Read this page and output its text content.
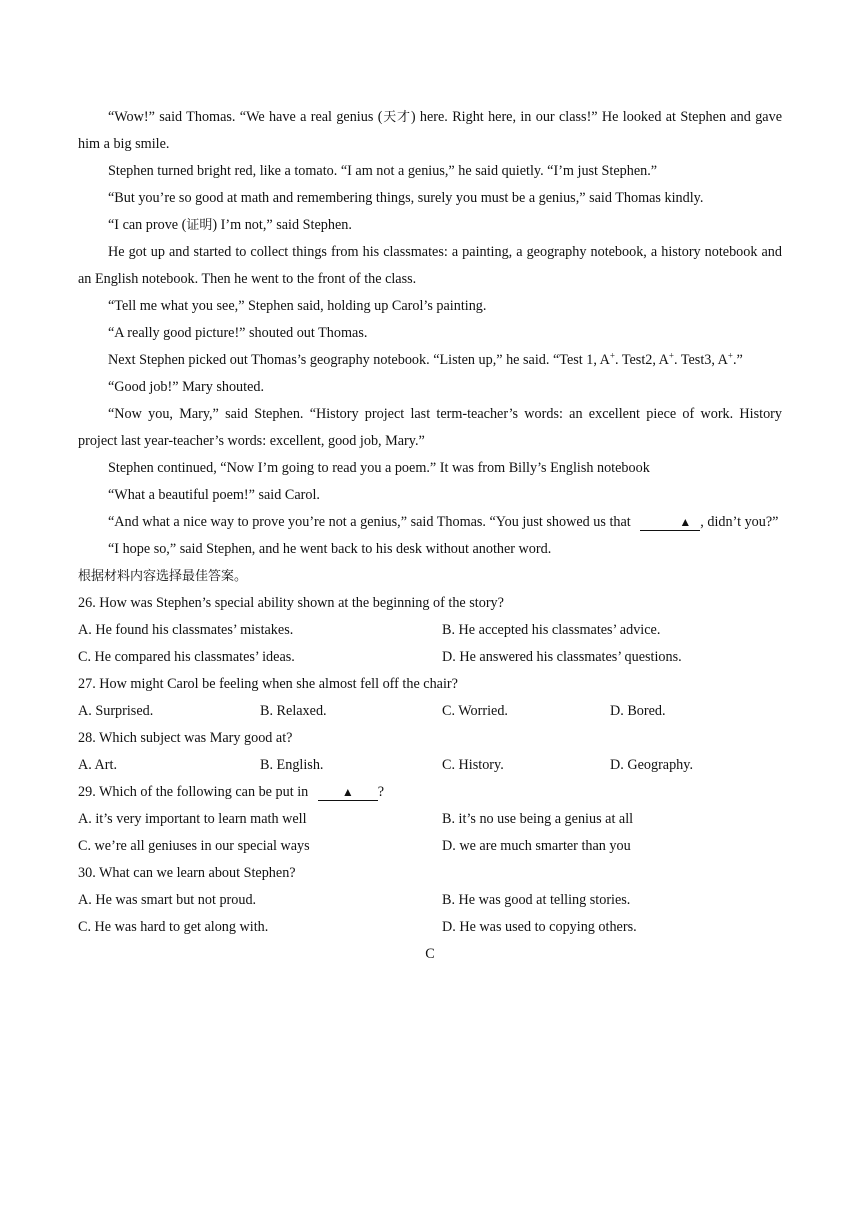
“Wow!” said Thomas. “We have a real genius (天才) here. Right here, in our class!” He looked at Stephen and gave him a big smile.

Stephen turned bright red, like a tomato. “I am not a genius,” he said quietly. “I’m just Stephen.”

“But you’re so good at math and remembering things, surely you must be a genius,” said Thomas kindly.

“I can prove (证明) I’m not,” said Stephen.

He got up and started to collect things from his classmates: a painting, a geography notebook, a history notebook and an English notebook. Then he went to the front of the class.

“Tell me what you see,” Stephen said, holding up Carol’s painting.

“A really good picture!” shouted out Thomas.

Next Stephen picked out Thomas’s geography notebook. “Listen up,” he said. “Test 1, A+. Test2, A+. Test3, A+.”

“Good job!” Mary shouted.

“Now you, Mary,” said Stephen. “History project last term-teacher’s words: an excellent piece of work. History project last year-teacher’s words: excellent, good job, Mary.”

Stephen continued, “Now I’m going to read you a poem.” It was from Billy’s English notebook

“What a beautiful poem!” said Carol.

“And what a nice way to prove you’re not a genius,” said Thomas. “You just showed us that	▲ , didn’t you?”

“I hope so,” said Stephen, and he went back to his desk without another word.

根据材料内容选择最佳答案。

26. How was Stephen’s special ability shown at the beginning of the story?

A. He found his classmates’ mistakes.	B. He accepted his classmates’ advice.
C. He compared his classmates’ ideas.	D. He answered his classmates’ questions.

27. How might Carol be feeling when she almost fell off the chair?

A. Surprised.	B. Relaxed.	C. Worried.	D. Bored.

28. Which subject was Mary good at?

A. Art.	B. English.	C. History.	D. Geography.

29. Which of the following can be put in	▲ ?

A. it’s very important to learn math well	B. it’s no use being a genius at all
C. we’re all geniuses in our special ways	D. we are much smarter than you

30. What can we learn about Stephen?

A. He was smart but not proud.	B. He was good at telling stories.
C. He was hard to get along with.	D. He was used to copying others.

C
